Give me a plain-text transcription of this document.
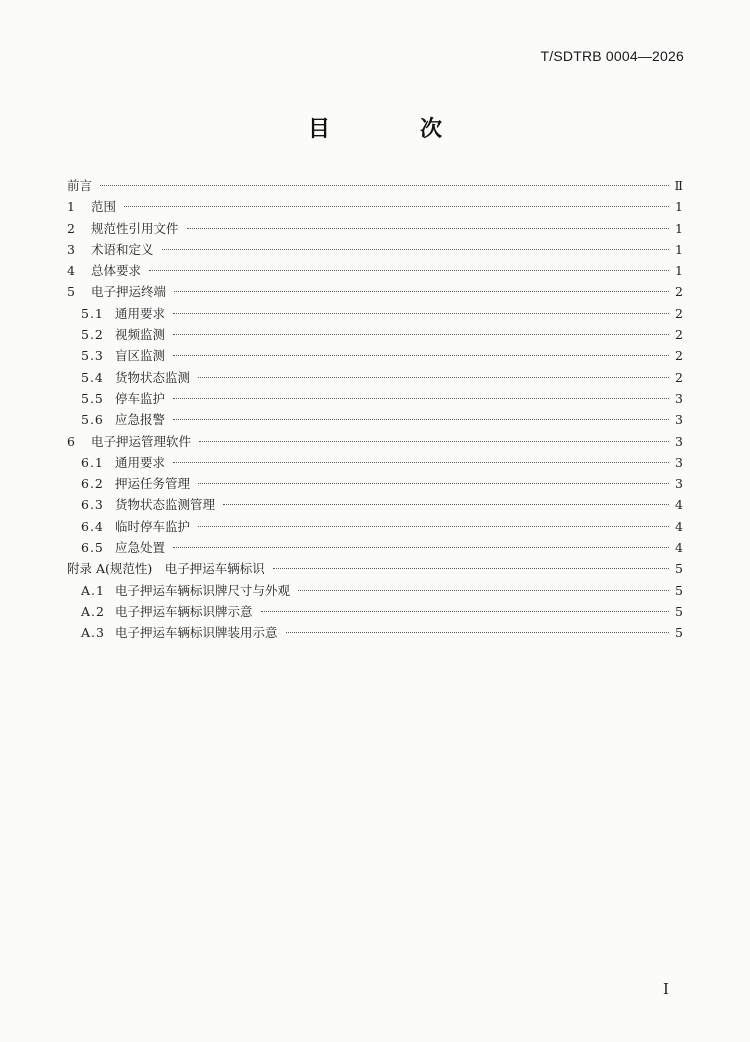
T/SDTRB 0004—2026
目　次
前言	Ⅱ
1	范围	1
2	规范性引用文件	1
3	术语和定义	1
4	总体要求	1
5	电子押运终端	2
5.1 通用要求	2
5.2 视频监测	2
5.3 盲区监测	2
5.4 货物状态监测	2
5.5 停车监护	3
5.6 应急报警	3
6	电子押运管理软件	3
6.1 通用要求	3
6.2 押运任务管理	3
6.3 货物状态监测管理	4
6.4 临时停车监护	4
6.5 应急处置	4
附录 A(规范性)　电子押运车辆标识	5
A.1 电子押运车辆标识牌尺寸与外观	5
A.2 电子押运车辆标识牌示意	5
A.3 电子押运车辆标识牌装用示意	5
Ⅰ
